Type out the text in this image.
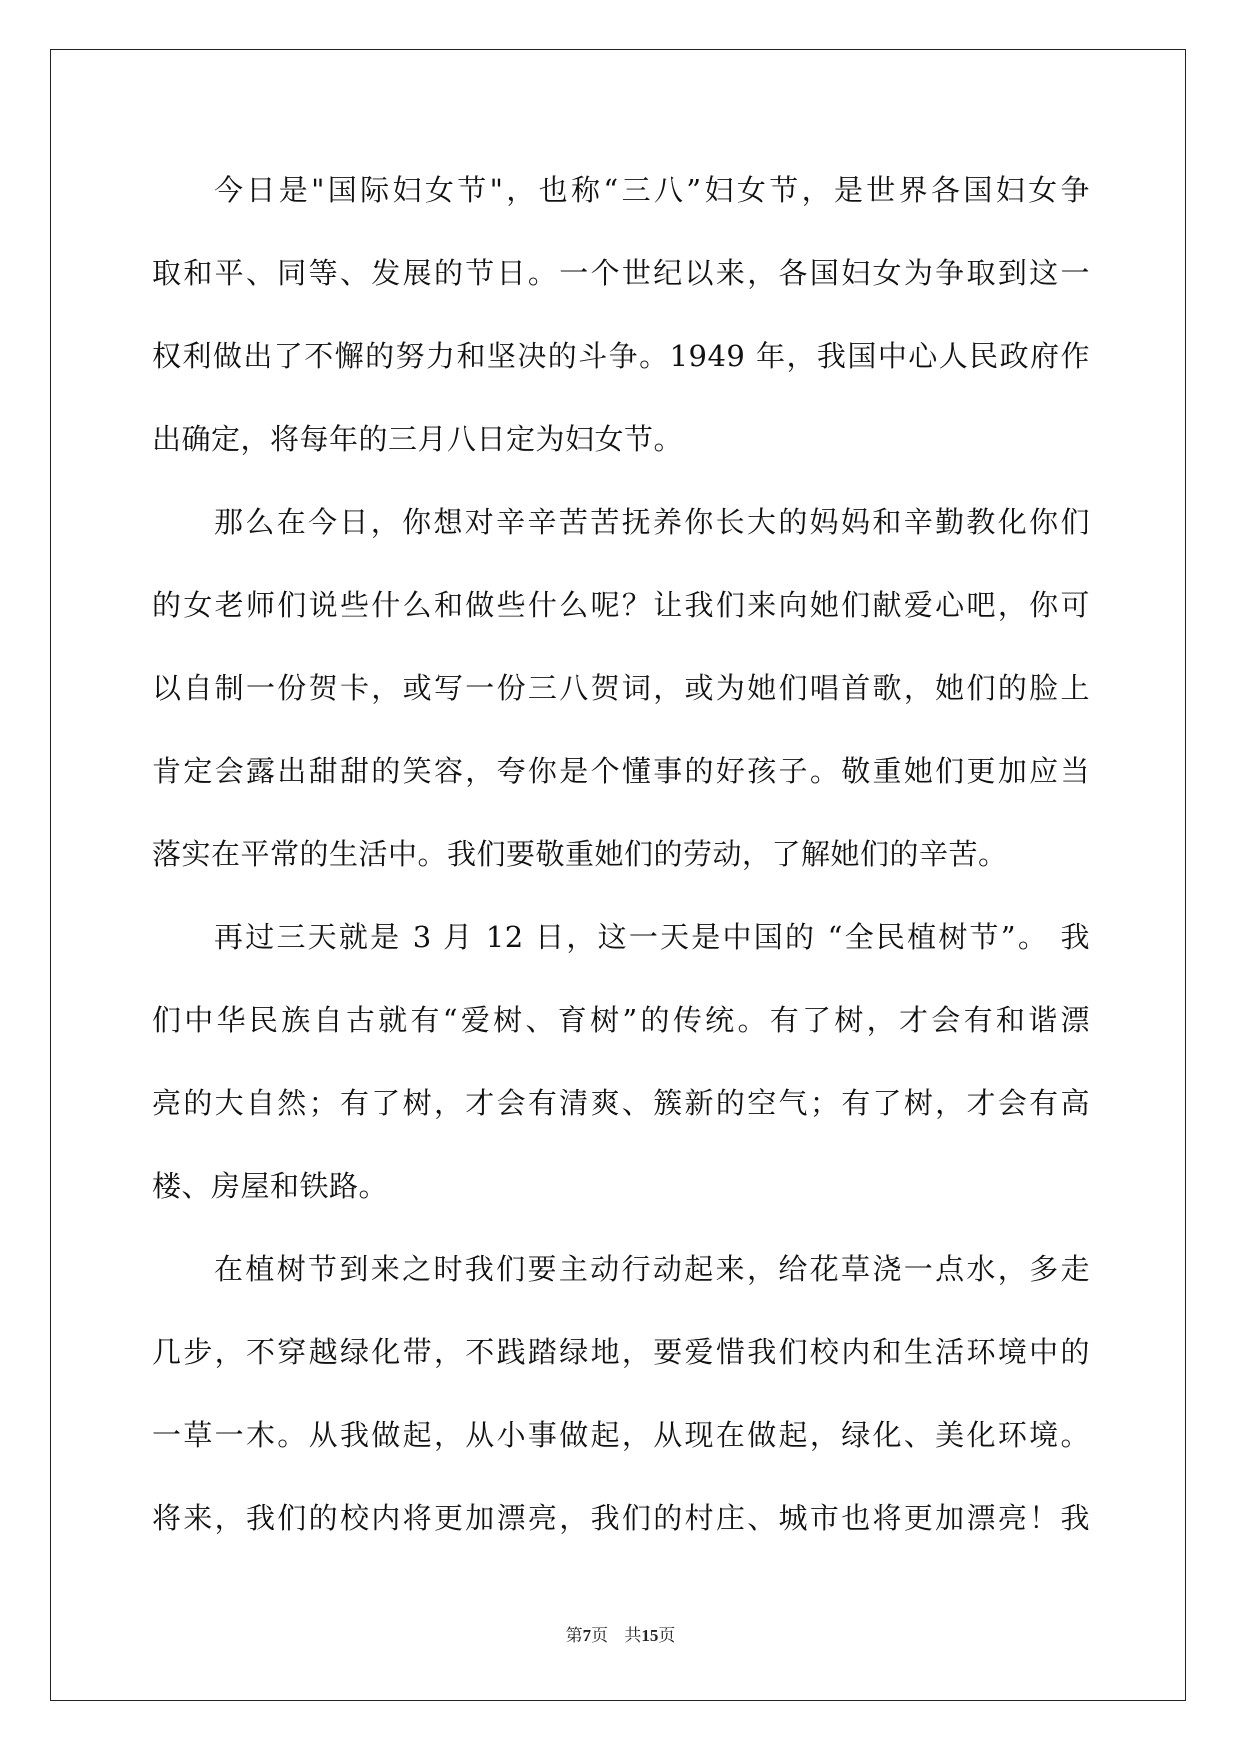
今日是"国际妇女节"，也称“三八”妇女节，是世界各国妇女争
取和平、同等、发展的节日。一个世纪以来，各国妇女为争取到这一
权利做出了不懈的努力和坚决的斗争。1949 年，我国中心人民政府作
出确定，将每年的三月八日定为妇女节。
那么在今日，你想对辛辛苦苦抚养你长大的妈妈和辛勤教化你们
的女老师们说些什么和做些什么呢？让我们来向她们献爱心吧，你可
以自制一份贺卡，或写一份三八贺词，或为她们唱首歌，她们的脸上
肯定会露出甜甜的笑容，夸你是个懂事的好孩子。敬重她们更加应当
落实在平常的生活中。我们要敬重她们的劳动，了解她们的辛苦。
再过三天就是 3 月 12 日，这一天是中国的 “全民植树节”。 我
们中华民族自古就有“爱树、育树”的传统。有了树，才会有和谐漂
亮的大自然；有了树，才会有清爽、簇新的空气；有了树，才会有高
楼、房屋和铁路。
在植树节到来之时我们要主动行动起来，给花草浇一点水，多走
几步，不穿越绿化带，不践踏绿地，要爱惜我们校内和生活环境中的
一草一木。从我做起，从小事做起，从现在做起，绿化、美化环境。
将来，我们的校内将更加漂亮，我们的村庄、城市也将更加漂亮！我
第7页   共15页
